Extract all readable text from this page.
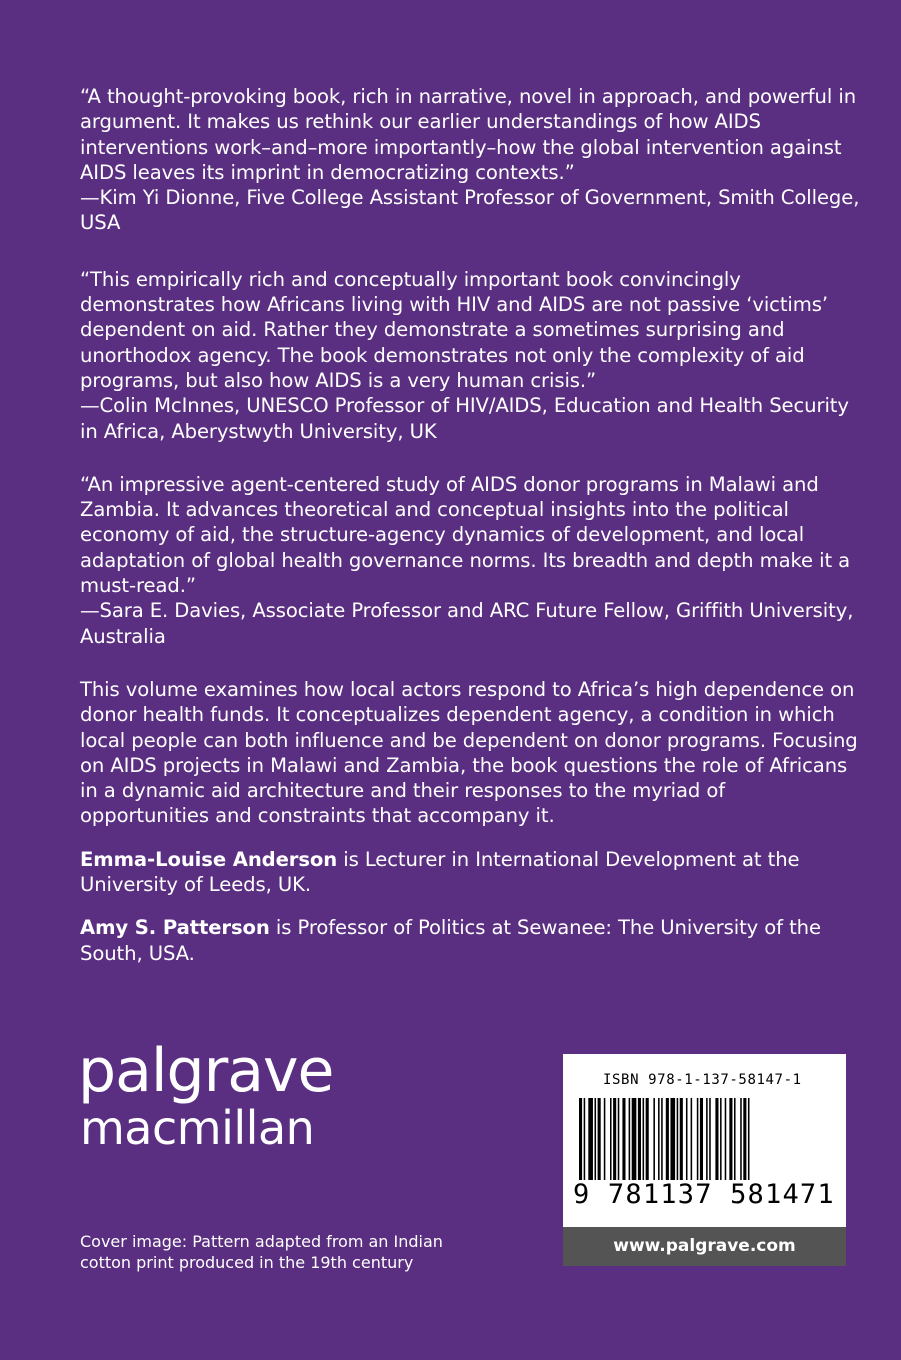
“A thought-provoking book, rich in narrative, novel in approach, and powerful in argument. It makes us rethink our earlier understandings of how AIDS interventions work–and–more importantly–how the global intervention against AIDS leaves its imprint in democratizing contexts.”
—Kim Yi Dionne, Five College Assistant Professor of Government, Smith College, USA

“This empirically rich and conceptually important book convincingly demonstrates how Africans living with HIV and AIDS are not passive ‘victims’ dependent on aid. Rather they demonstrate a sometimes surprising and unorthodox agency. The book demonstrates not only the complexity of aid programs, but also how AIDS is a very human crisis.”
—Colin McInnes, UNESCO Professor of HIV/AIDS, Education and Health Security in Africa, Aberystwyth University, UK

“An impressive agent-centered study of AIDS donor programs in Malawi and Zambia. It advances theoretical and conceptual insights into the political economy of aid, the structure-agency dynamics of development, and local adaptation of global health governance norms. Its breadth and depth make it a must-read.”
—Sara E. Davies, Associate Professor and ARC Future Fellow, Griffith University, Australia

This volume examines how local actors respond to Africa’s high dependence on donor health funds. It conceptualizes dependent agency, a condition in which local people can both influence and be dependent on donor programs. Focusing on AIDS projects in Malawi and Zambia, the book questions the role of Africans in a dynamic aid architecture and their responses to the myriad of opportunities and constraints that accompany it.

Emma-Louise Anderson is Lecturer in International Development at the University of Leeds, UK.

Amy S. Patterson is Professor of Politics at Sewanee: The University of the South, USA.

palgrave
macmillan
Cover image: Pattern adapted from an Indian
cotton print produced in the 19th century
ISBN 978-1-137-58147-1
9 781137 581471
www.palgrave.com
